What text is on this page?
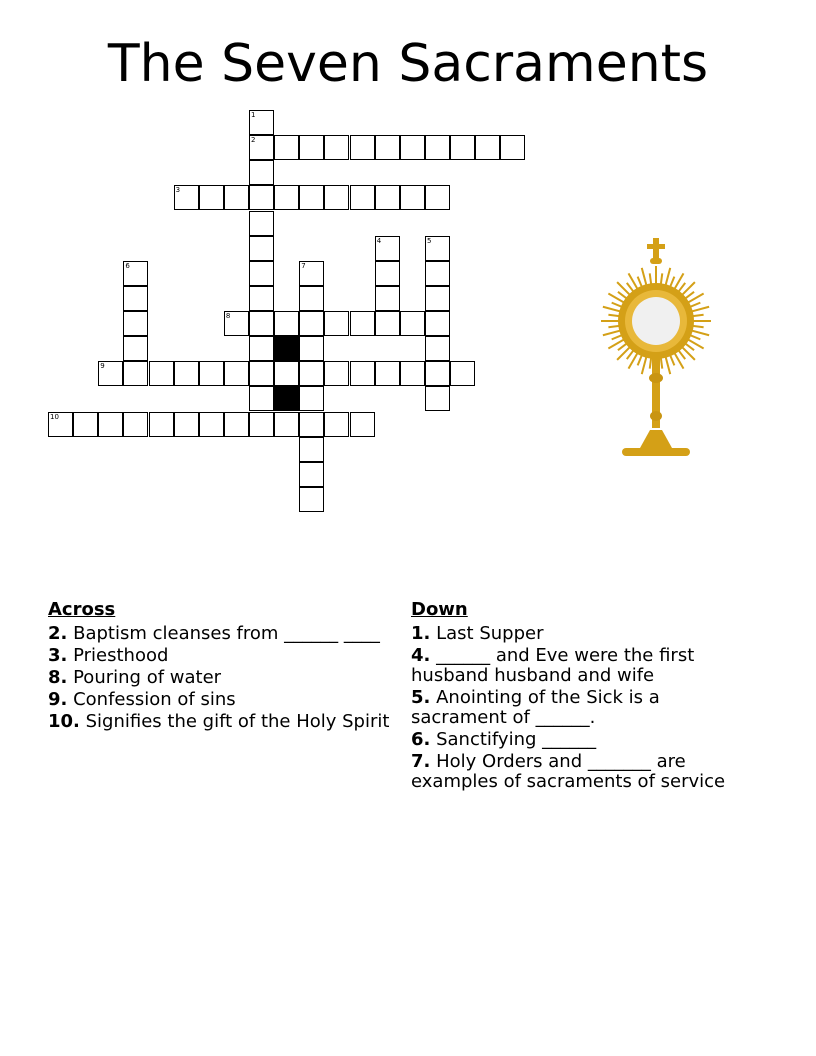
The Seven Sacraments
2
3
8
9
10
1
4	5
6	7
Across
2. Baptism cleanses from ______ ____
3. Priesthood
8. Pouring of water
9. Confession of sins
10. Signifies the gift of the Holy Spirit
Down
1. Last Supper
4. ______ and Eve were the first husband husband and wife
5. Anointing of the Sick is a sacrament of ______.
6. Sanctifying ______
7. Holy Orders and _______ are examples of sacraments of service
